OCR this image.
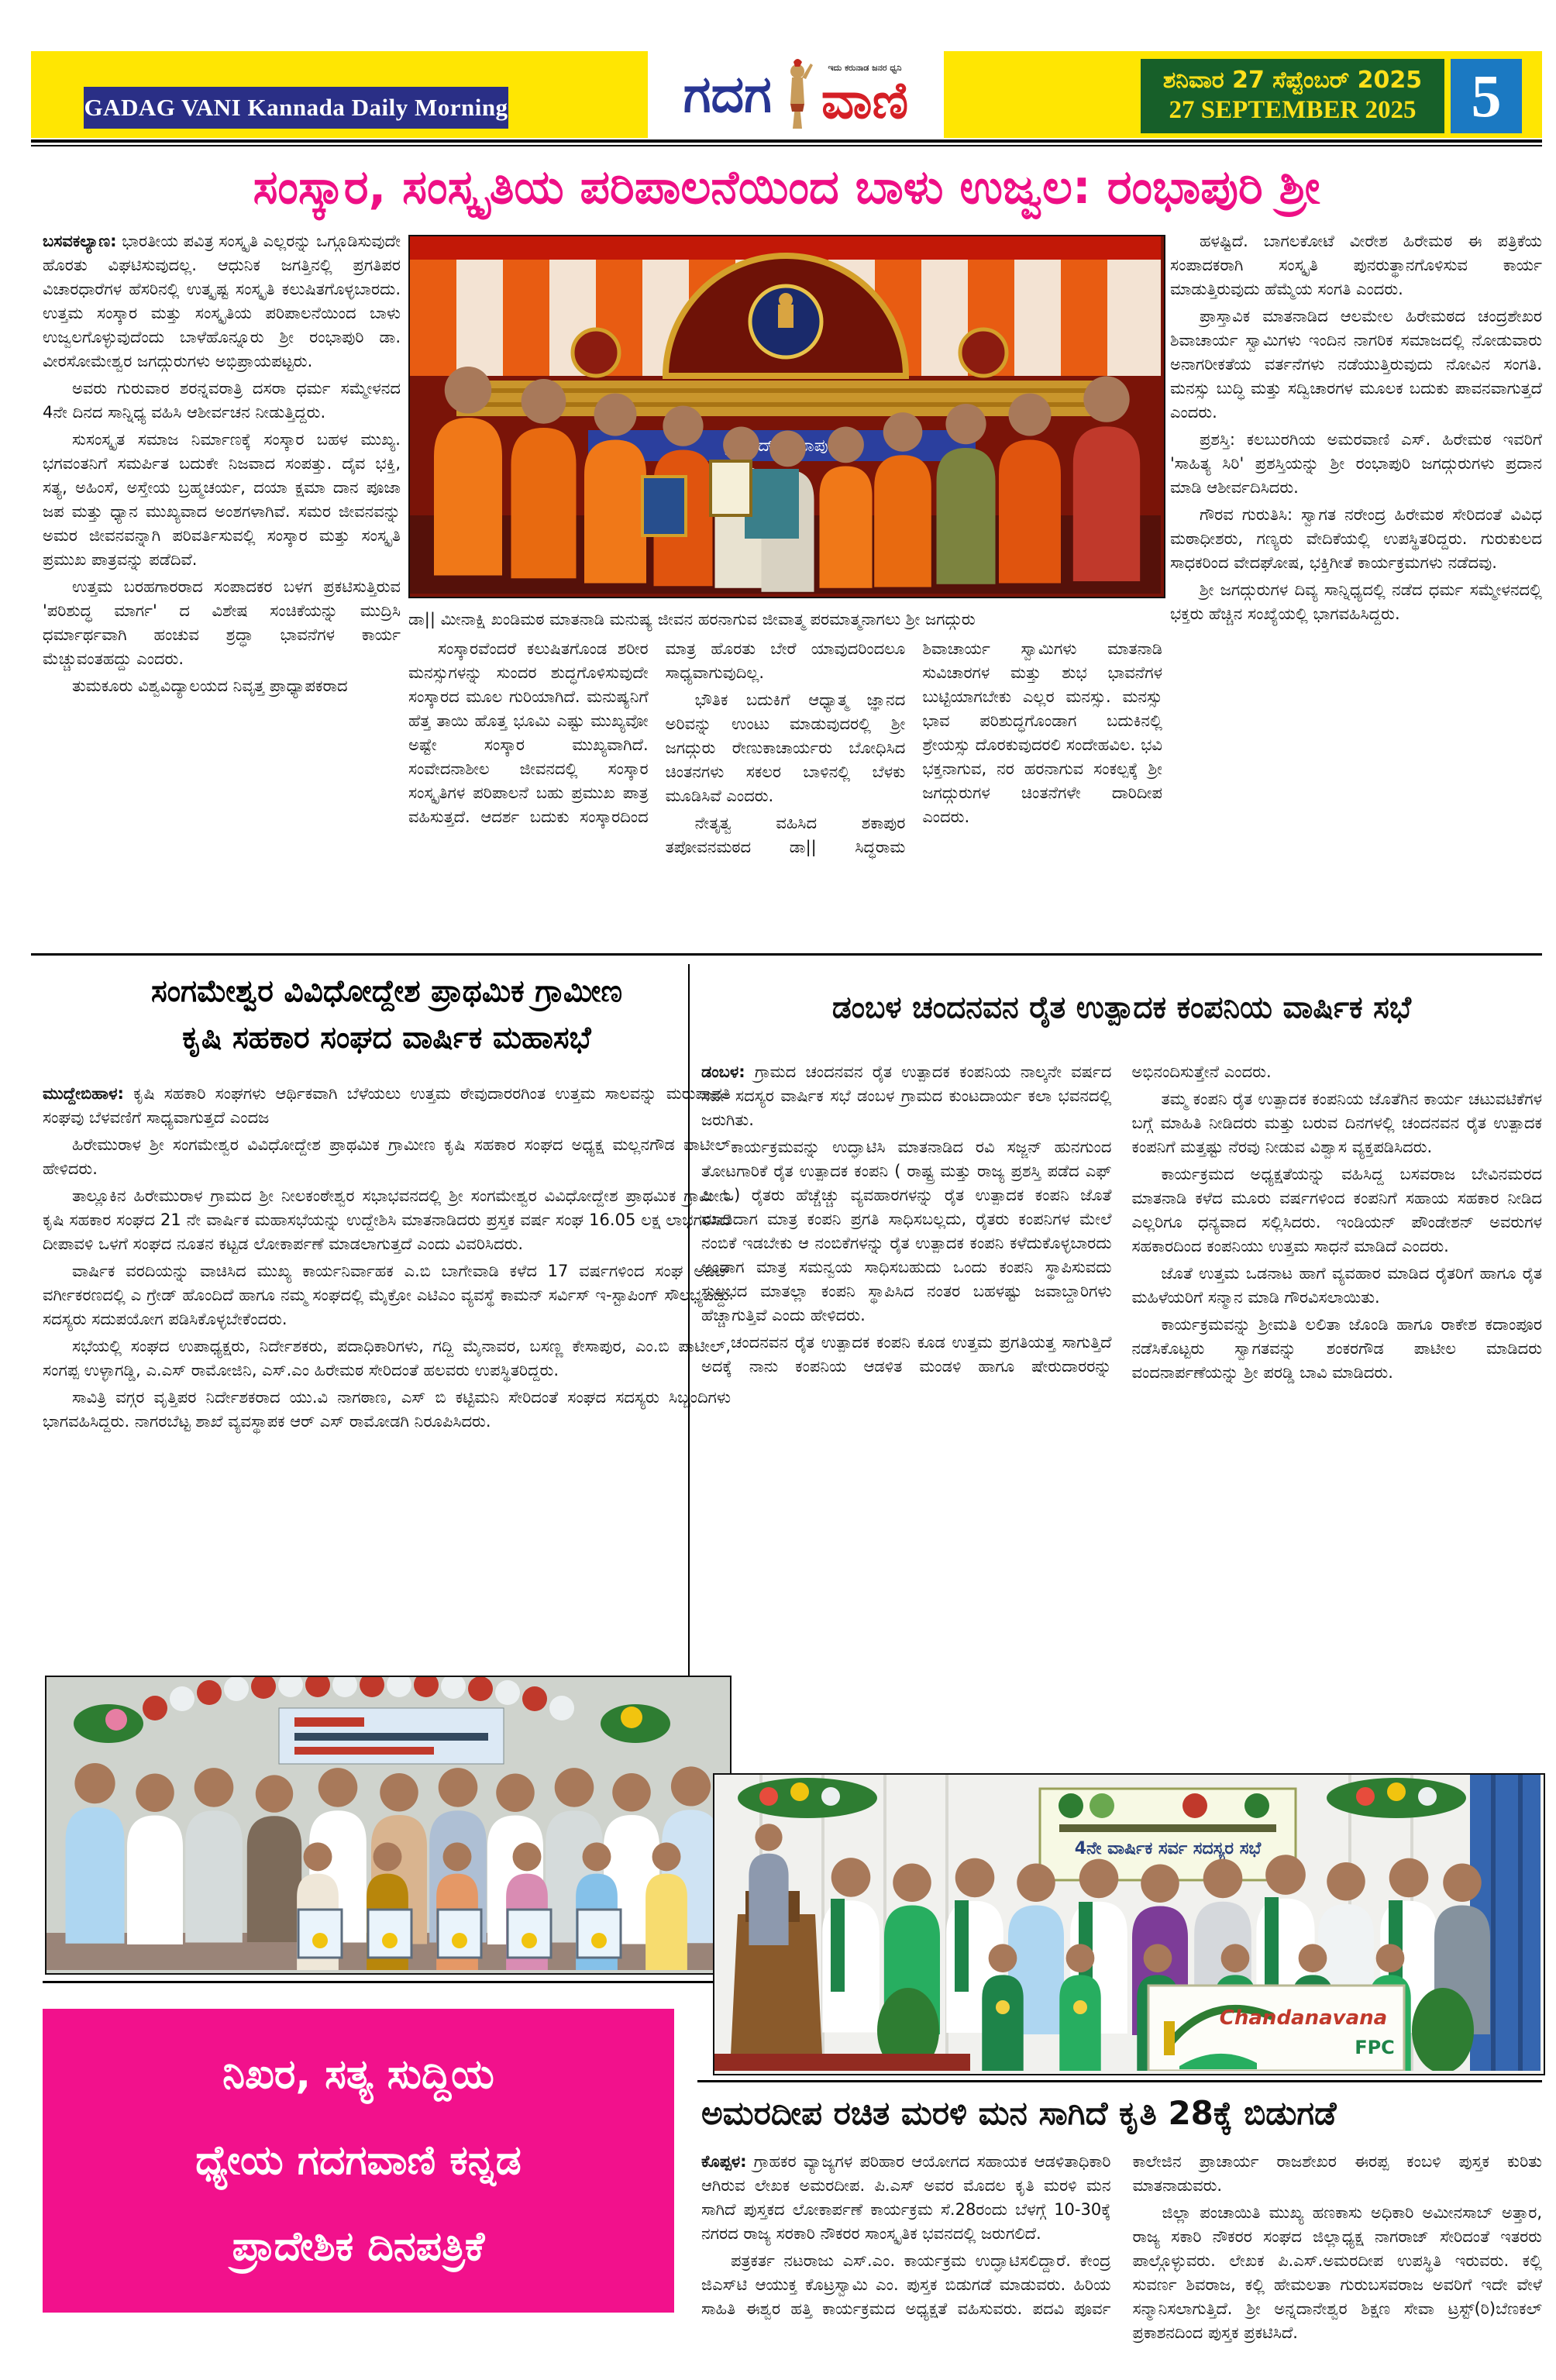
GADAG VANI Kannada Daily Morning	ಗದಗ	ಇದು ಕರುನಾಡ ಜನರ ಧ್ವನಿ
ವಾಣಿ	ಶನಿವಾರ 27 ಸೆಪ್ಟೆಂಬರ್ 2025
27 SEPTEMBER 2025 5
ಸಂಸ್ಕಾರ, ಸಂಸ್ಕೃತಿಯ ಪರಿಪಾಲನೆಯಿಂದ ಬಾಳು ಉಜ್ವಲ: ರಂಭಾಪುರಿ ಶ್ರೀ

ಬಸವಕಲ್ಯಾಣ: ಭಾರತೀಯ ಪವಿತ್ರ ಸಂಸ್ಕೃತಿ ಎಲ್ಲರನ್ನು ಒಗ್ಗೂಡಿಸುವುದೇ ಹೊರತು ವಿಘಟಿಸುವುದಲ್ಲ. ಆಧುನಿಕ ಜಗತ್ತಿನಲ್ಲಿ ಪ್ರಗತಿಪರ ವಿಚಾರಧಾರೆಗಳ ಹೆಸರಿನಲ್ಲಿ ಉತ್ಕೃಷ್ಟ ಸಂಸ್ಕೃತಿ ಕಲುಷಿತಗೊಳ್ಳಬಾರದು. ಉತ್ತಮ ಸಂಸ್ಕಾರ ಮತ್ತು ಸಂಸ್ಕೃತಿಯ ಪರಿಪಾಲನೆಯಿಂದ ಬಾಳು ಉಜ್ವಲಗೊಳ್ಳುವುದೆಂದು ಬಾಳೆಹೊನ್ನೂರು ಶ್ರೀ ರಂಭಾಪುರಿ ಡಾ. ವೀರಸೋಮೇಶ್ವರ ಜಗದ್ಗುರುಗಳು ಅಭಿಪ್ರಾಯಪಟ್ಟರು.

ಅವರು ಗುರುವಾರ ಶರನ್ನವರಾತ್ರಿ ದಸರಾ ಧರ್ಮ ಸಮ್ಮೇಳನದ 4ನೇ ದಿನದ ಸಾನ್ನಿಧ್ಯ ವಹಿಸಿ ಆಶೀರ್ವಚನ ನೀಡುತ್ತಿದ್ದರು.

ಸುಸಂಸ್ಕೃತ ಸಮಾಜ ನಿರ್ಮಾಣಕ್ಕೆ ಸಂಸ್ಕಾರ ಬಹಳ ಮುಖ್ಯ. ಭಗವಂತನಿಗೆ ಸಮರ್ಪಿತ ಬದುಕೇ ನಿಜವಾದ ಸಂಪತ್ತು. ದೈವ ಭಕ್ತಿ, ಸತ್ಯ, ಅಹಿಂಸೆ, ಅಸ್ತೇಯ ಬ್ರಹ್ಮಚರ್ಯ, ದಯಾ ಕ್ಷಮಾ ದಾನ ಪೂಜಾ ಜಪ ಮತ್ತು ಧ್ಯಾನ ಮುಖ್ಯವಾದ ಅಂಶಗಳಾಗಿವೆ. ಸಮರ ಜೀವನವನ್ನು ಅಮರ ಜೀವನವನ್ನಾಗಿ ಪರಿವರ್ತಿಸುವಲ್ಲಿ ಸಂಸ್ಕಾರ ಮತ್ತು ಸಂಸ್ಕೃತಿ ಪ್ರಮುಖ ಪಾತ್ರವನ್ನು ಪಡೆದಿವೆ.

ಉತ್ತಮ ಬರಹಗಾರರಾದ ಸಂಪಾದಕರ ಬಳಗ ಪ್ರಕಟಿಸುತ್ತಿರುವ 'ಪರಿಶುದ್ಧ ಮಾರ್ಗ' ದ ವಿಶೇಷ ಸಂಚಿಕೆಯನ್ನು ಮುದ್ರಿಸಿ ಧರ್ಮಾರ್ಥವಾಗಿ ಹಂಚುವ ಶ್ರದ್ಧಾ ಭಾವನೆಗಳ ಕಾರ್ಯ ಮೆಚ್ಚುವಂತಹದ್ದು ಎಂದರು.

ತುಮಕೂರು ವಿಶ್ವವಿದ್ಯಾಲಯದ ನಿವೃತ್ತ ಪ್ರಾಧ್ಯಾಪಕರಾದ

ರಂಭಾಪುರಿ
ಡಾ|| ಮೀನಾಕ್ಷಿ ಖಂಡಿಮಠ ಮಾತನಾಡಿ ಮನುಷ್ಯ ಜೀವನ ಹರನಾಗುವ ಜೀವಾತ್ಮ ಪರಮಾತ್ಮನಾಗಲು ಶ್ರೀ ಜಗದ್ಗುರು

ಸಂಸ್ಕಾರವೆಂದರೆ ಕಲುಷಿತಗೊಂಡ ಶರೀರ ಮನಸ್ಸುಗಳನ್ನು ಸುಂದರ ಶುದ್ಧಗೊಳಿಸುವುದೇ ಸಂಸ್ಕಾರದ ಮೂಲ ಗುರಿಯಾಗಿದೆ. ಮನುಷ್ಯನಿಗೆ ಹೆತ್ತ ತಾಯಿ ಹೊತ್ತ ಭೂಮಿ ಎಷ್ಟು ಮುಖ್ಯವೋ ಅಷ್ಟೇ ಸಂಸ್ಕಾರ ಮುಖ್ಯವಾಗಿದೆ. ಸಂವೇದನಾಶೀಲ ಜೀವನದಲ್ಲಿ ಸಂಸ್ಕಾರ ಸಂಸ್ಕೃತಿಗಳ ಪರಿಪಾಲನೆ ಬಹು ಪ್ರಮುಖ ಪಾತ್ರ ವಹಿಸುತ್ತದೆ. ಆದರ್ಶ ಬದುಕು ಸಂಸ್ಕಾರದಿಂದ ಮಾತ್ರ ಹೊರತು ಬೇರೆ ಯಾವುದರಿಂದಲೂ ಸಾಧ್ಯವಾಗುವುದಿಲ್ಲ.

ಭೌತಿಕ ಬದುಕಿಗೆ ಆಧ್ಯಾತ್ಮ ಜ್ಞಾನದ ಅರಿವನ್ನು ಉಂಟು ಮಾಡುವುದರಲ್ಲಿ ಶ್ರೀ ಜಗದ್ಗುರು ರೇಣುಕಾಚಾರ್ಯರು ಬೋಧಿಸಿದ ಚಿಂತನಗಳು ಸಕಲರ ಬಾಳಿನಲ್ಲಿ ಬೆಳಕು ಮೂಡಿಸಿವೆ ಎಂದರು.

ನೇತೃತ್ವ ವಹಿಸಿದ ಶಕಾಪುರ ತಪೋವನಮಠದ ಡಾ|| ಸಿದ್ಧರಾಮ ಶಿವಾಚಾರ್ಯ ಸ್ವಾಮಿಗಳು ಮಾತನಾಡಿ ಸುವಿಚಾರಗಳ ಮತ್ತು ಶುಭ ಭಾವನೆಗಳ ಬುಟ್ಟಿಯಾಗಬೇಕು ಎಲ್ಲರ ಮನಸ್ಸು. ಮನಸ್ಸು ಭಾವ ಪರಿಶುದ್ಧಗೊಂಡಾಗ ಬದುಕಿನಲ್ಲಿ ಶ್ರೇಯಸ್ಸು ದೊರಕುವುದರಲಿ ಸಂದೇಹವಿಲ. ಭವಿ ಭಕ್ತನಾಗುವ, ನರ ಹರನಾಗುವ ಸಂಕಲ್ಪಕ್ಕೆ ಶ್ರೀ ಜಗದ್ಗುರುಗಳ ಚಿಂತನೆಗಳೇ ದಾರಿದೀಪ ಎಂದರು.

ಹಳಷ್ಟಿದೆ. ಬಾಗಲಕೋಟೆ ವೀರೇಶ ಹಿರೇಮಠ ಈ ಪತ್ರಿಕೆಯ ಸಂಪಾದಕರಾಗಿ ಸಂಸ್ಕೃತಿ ಪುನರುತ್ಥಾನಗೊಳಿಸುವ ಕಾರ್ಯ ಮಾಡುತ್ತಿರುವುದು ಹೆಮ್ಮೆಯ ಸಂಗತಿ ಎಂದರು.

ಪ್ರಾಸ್ತಾವಿಕ ಮಾತನಾಡಿದ ಆಲಮೇಲ ಹಿರೇಮಠದ ಚಂದ್ರಶೇಖರ ಶಿವಾಚಾರ್ಯ ಸ್ವಾಮಿಗಳು ಇಂದಿನ ನಾಗರಿಕ ಸಮಾಜದಲ್ಲಿ ನೋಡುವಾರು ಅನಾಗರೀಕತೆಯ ವರ್ತನೆಗಳು ನಡೆಯುತ್ತಿರುವುದು ನೋವಿನ ಸಂಗತಿ. ಮನಸ್ಸು ಬುದ್ಧಿ ಮತ್ತು ಸದ್ವಿಚಾರಗಳ ಮೂಲಕ ಬದುಕು ಪಾವನವಾಗುತ್ತದೆ ಎಂದರು.

ಪ್ರಶಸ್ತಿ: ಕಲಬುರಗಿಯ ಅಮರವಾಣಿ ಎಸ್. ಹಿರೇಮಠ ಇವರಿಗೆ 'ಸಾಹಿತ್ಯ ಸಿರಿ' ಪ್ರಶಸ್ತಿಯನ್ನು ಶ್ರೀ ರಂಭಾಪುರಿ ಜಗದ್ಗುರುಗಳು ಪ್ರದಾನ ಮಾಡಿ ಆಶೀರ್ವದಿಸಿದರು.

ಗೌರವ ಗುರುತಿಸಿ: ಸ್ವಾಗತ ನರೇಂದ್ರ ಹಿರೇಮಠ ಸೇರಿದಂತೆ ವಿವಿಧ ಮಠಾಧೀಶರು, ಗಣ್ಯರು ವೇದಿಕೆಯಲ್ಲಿ ಉಪಸ್ಥಿತರಿದ್ದರು. ಗುರುಕುಲದ ಸಾಧಕರಿಂದ ವೇದಘೋಷ, ಭಕ್ತಿಗೀತೆ ಕಾರ್ಯಕ್ರಮಗಳು ನಡೆದವು.

ಶ್ರೀ ಜಗದ್ಗುರುಗಳ ದಿವ್ಯ ಸಾನ್ನಿಧ್ಯದಲ್ಲಿ ನಡೆದ ಧರ್ಮ ಸಮ್ಮೇಳನದಲ್ಲಿ ಭಕ್ತರು ಹೆಚ್ಚಿನ ಸಂಖ್ಯೆಯಲ್ಲಿ ಭಾಗವಹಿಸಿದ್ದರು.

ಸಂಗಮೇಶ್ವರ ವಿವಿಧೋದ್ದೇಶ ಪ್ರಾಥಮಿಕ ಗ್ರಾಮೀಣ
ಕೃಷಿ ಸಹಕಾರ ಸಂಘದ ವಾರ್ಷಿಕ ಮಹಾಸಭೆ

ಮುದ್ದೇಬಿಹಾಳ: ಕೃಷಿ ಸಹಕಾರಿ ಸಂಘಗಳು ಆರ್ಥಿಕವಾಗಿ ಬೆಳೆಯಲು ಉತ್ತಮ ಠೇವುದಾರರಗಿಂತ ಉತ್ತಮ ಸಾಲವನ್ನು ಮರುಪಾವತಿ ಸಂಘವು ಬೆಳವಣಿಗೆ ಸಾಧ್ಯವಾಗುತ್ತದೆ ಎಂದಜ

ಹಿರೇಮುರಾಳ ಶ್ರೀ ಸಂಗಮೇಶ್ವರ ವಿವಿಧೋದ್ದೇಶ ಪ್ರಾಥಮಿಕ ಗ್ರಾಮೀಣ ಕೃಷಿ ಸಹಕಾರ ಸಂಘದ ಅಧ್ಯಕ್ಷ ಮಲ್ಲನಗೌಡ ಪಾಟೀಲ್ ಹೇಳಿದರು.

ತಾಲ್ಲೂಕಿನ ಹಿರೇಮುರಾಳ ಗ್ರಾಮದ ಶ್ರೀ ನೀಲಕಂಠೇಶ್ವರ ಸಭಾಭವನದಲ್ಲಿ ಶ್ರೀ ಸಂಗಮೇಶ್ವರ ವಿವಿಧೋದ್ದೇಶ ಪ್ರಾಥಮಿಕ ಗ್ರಾಮೀಣ ಕೃಷಿ ಸಹಕಾರ ಸಂಘದ 21 ನೇ ವಾರ್ಷಿಕ ಮಹಾಸಭೆಯನ್ನು ಉದ್ದೇಶಿಸಿ ಮಾತನಾಡಿದರು ಪ್ರಸ್ತಕ ವರ್ಷ ಸಂಘ 16.05 ಲಕ್ಷ ಲಾಭಗಳಿಸಿದೆ ದೀಪಾವಳಿ ಒಳಗೆ ಸಂಘದ ನೂತನ ಕಟ್ಟಡ ಲೋಕಾರ್ಪಣೆ ಮಾಡಲಾಗುತ್ತದೆ ಎಂದು ವಿವರಿಸಿದರು.

ವಾರ್ಷಿಕ ವರದಿಯನ್ನು ವಾಚಿಸಿದ ಮುಖ್ಯ ಕಾರ್ಯನಿರ್ವಾಹಕ ಎ.ಬಿ ಬಾಗೇವಾಡಿ ಕಳೆದ 17 ವರ್ಷಗಳಿಂದ ಸಂಘ ಅಡಿಟ್ ವರ್ಗೀಕರಣದಲ್ಲಿ ಎ ಗ್ರೇಡ್ ಹೊಂದಿದೆ ಹಾಗೂ ನಮ್ಮ ಸಂಘದಲ್ಲಿ ಮೈಕ್ರೋ ಎಟಿಎಂ ವ್ಯವಸ್ಥೆ ಕಾಮನ್ ಸರ್ವಿಸ್ ಇ-ಸ್ಟಾಪಿಂಗ್ ಸೌಲಭ್ಯವಿದ್ದು ಸದಸ್ಯರು ಸದುಪಯೋಗ ಪಡಿಸಿಕೊಳ್ಳಬೇಕೆಂದರು.

ಸಭೆಯಲ್ಲಿ ಸಂಘದ ಉಪಾಧ್ಯಕ್ಷರು, ನಿರ್ದೇಶಕರು, ಪದಾಧಿಕಾರಿಗಳು, ಗದ್ದಿ ಮೈನಾವರ, ಬಸಣ್ಣ ಕೇಸಾಪುರ, ಎಂ.ಬಿ ಪಾಟೀಲ್, ಸಂಗಪ್ಪ ಉಳ್ಳಾಗಡ್ಡಿ, ಎ.ಎಸ್ ರಾಮೋಜಿನಿ, ಎಸ್.ಎಂ ಹಿರೇಮಠ ಸೇರಿದಂತೆ ಹಲವರು ಉಪಸ್ಥಿತರಿದ್ದರು.

ಸಾವಿತ್ರಿ ವಗ್ಗರ ವೃತ್ತಿಪರ ನಿರ್ದೇಶಕರಾದ ಯು.ವಿ ನಾಗಠಾಣ, ಎಸ್ ಬಿ ಕಟ್ಟಿಮನಿ ಸೇರಿದಂತೆ ಸಂಘದ ಸದಸ್ಯರು ಸಿಬ್ಬಂದಿಗಳು ಭಾಗವಹಿಸಿದ್ದರು. ನಾಗರಬೆಟ್ಟ ಶಾಖೆ ವ್ಯವಸ್ಥಾಪಕ ಆರ್ ಎಸ್ ರಾಮೋಡಗಿ ನಿರೂಪಿಸಿದರು.

ನಿಖರ, ಸತ್ಯ ಸುದ್ದಿಯ
ಧ್ಯೇಯ ಗದಗವಾಣಿ ಕನ್ನಡ
ಪ್ರಾದೇಶಿಕ ದಿನಪತ್ರಿಕೆ
ಡಂಬಳ ಚಂದನವನ ರೈತ ಉತ್ಪಾದಕ ಕಂಪನಿಯ ವಾರ್ಷಿಕ ಸಭೆ

ಡಂಬಳ: ಗ್ರಾಮದ ಚಂದನವನ ರೈತ ಉತ್ಪಾದಕ ಕಂಪನಿಯ ನಾಲ್ಕನೇ ವರ್ಷದ ಸರ್ವ ಸದಸ್ಯರ ವಾರ್ಷಿಕ ಸಭೆ ಡಂಬಳ ಗ್ರಾಮದ ಕುಂಟದಾರ್ಯ ಕಲಾ ಭವನದಲ್ಲಿ ಜರುಗಿತು.

ಕಾರ್ಯಕ್ರಮವನ್ನು ಉದ್ಘಾಟಿಸಿ ಮಾತನಾಡಿದ ರವಿ ಸಜ್ಜನ್ ಹುನಗುಂದ ತೋಟಗಾರಿಕೆ ರೈತ ಉತ್ಪಾದಕ ಕಂಪನಿ ( ರಾಷ್ಟ್ರ ಮತ್ತು ರಾಜ್ಯ ಪ್ರಶಸ್ತಿ ಪಡೆದ ಎಫ್ ಪಿ ಓ) ರೈತರು ಹೆಚ್ಚೆಚ್ಚು ವ್ಯವಹಾರಗಳನ್ನು ರೈತ ಉತ್ಪಾದಕ ಕಂಪನಿ ಜೊತೆ ಮಾಡಿದಾಗ ಮಾತ್ರ ಕಂಪನಿ ಪ್ರಗತಿ ಸಾಧಿಸಬಲ್ಲದು, ರೈತರು ಕಂಪನಿಗಳ ಮೇಲೆ ನಂಬಿಕೆ ಇಡಬೇಕು ಆ ನಂಬಿಕೆಗಳನ್ನು ರೈತ ಉತ್ಪಾದಕ ಕಂಪನಿ ಕಳೆದುಕೊಳ್ಳಬಾರದು ಅಂದಾಗ ಮಾತ್ರ ಸಮನ್ವಯ ಸಾಧಿಸಬಹುದು ಒಂದು ಕಂಪನಿ ಸ್ಥಾಪಿಸುವದು ಸುಲಭದ ಮಾತಲ್ಲಾ ಕಂಪನಿ ಸ್ಥಾಪಿಸಿದ ನಂತರ ಬಹಳಷ್ಟು ಜವಾಬ್ದಾರಿಗಳು ಹೆಚ್ಚಾಗುತ್ತಿವೆ ಎಂದು ಹೇಳಿದರು.

ಚಂದನವನ ರೈತ ಉತ್ಪಾದಕ ಕಂಪನಿ ಕೂಡ ಉತ್ತಮ ಪ್ರಗತಿಯತ್ತ ಸಾಗುತ್ತಿದೆ ಅದಕ್ಕೆ ನಾನು ಕಂಪನಿಯ ಆಡಳಿತ ಮಂಡಳಿ ಹಾಗೂ ಷೇರುದಾರರನ್ನು ಅಭಿನಂದಿಸುತ್ತೇನೆ ಎಂದರು.

ತಮ್ಮ ಕಂಪನಿ ರೈತ ಉತ್ಪಾದಕ ಕಂಪನಿಯ ಜೊತೆಗಿನ ಕಾರ್ಯ ಚಟುವಟಿಕೆಗಳ ಬಗ್ಗೆ ಮಾಹಿತಿ ನೀಡಿದರು ಮತ್ತು ಬರುವ ದಿನಗಳಲ್ಲಿ ಚಂದನವನ ರೈತ ಉತ್ಪಾದಕ ಕಂಪನಿಗೆ ಮತ್ತಷ್ಟು ನೆರವು ನೀಡುವ ವಿಶ್ವಾಸ ವ್ಯಕ್ತಪಡಿಸಿದರು.

ಕಾರ್ಯಕ್ರಮದ ಅಧ್ಯಕ್ಷತೆಯನ್ನು ವಹಿಸಿದ್ದ ಬಸವರಾಜ ಬೇವಿನಮರದ ಮಾತನಾಡಿ ಕಳೆದ ಮೂರು ವರ್ಷಗಳಿಂದ ಕಂಪನಿಗೆ ಸಹಾಯ ಸಹಕಾರ ನೀಡಿದ ಎಲ್ಲರಿಗೂ ಧನ್ಯವಾದ ಸಲ್ಲಿಸಿದರು. ಇಂಡಿಯನ್ ಪೌಂಡೇಶನ್ ಅವರುಗಳ ಸಹಕಾರದಿಂದ ಕಂಪನಿಯು ಉತ್ತಮ ಸಾಧನೆ ಮಾಡಿದೆ ಎಂದರು.

ಜೊತೆ ಉತ್ತಮ ಒಡನಾಟ ಹಾಗೆ ವ್ಯವಹಾರ ಮಾಡಿದ ರೈತರಿಗೆ ಹಾಗೂ ರೈತ ಮಹಿಳೆಯರಿಗೆ ಸನ್ಮಾನ ಮಾಡಿ ಗೌರವಿಸಲಾಯಿತು.

ಕಾರ್ಯಕ್ರಮವನ್ನು ಶ್ರೀಮತಿ ಲಲಿತಾ ಜೊಂಡಿ ಹಾಗೂ ರಾಕೇಶ ಕದಾಂಪೂರ ನಡೆಸಿಕೊಟ್ಟರು ಸ್ವಾಗತವನ್ನು ಶಂಕರಗೌಡ ಪಾಟೀಲ ಮಾಡಿದರು ವಂದನಾರ್ಪಣೆಯನ್ನು ಶ್ರೀ ಪರಡ್ಡಿ ಬಾವಿ ಮಾಡಿದರು.

4ನೇ ವಾರ್ಷಿಕ ಸರ್ವ ಸದಸ್ಯರ ಸಭೆ
Chandanavana
FPC
ಅಮರದೀಪ ರಚಿತ ಮರಳಿ ಮನ ಸಾಗಿದೆ ಕೃತಿ 28ಕ್ಕೆ ಬಿಡುಗಡೆ

ಕೊಪ್ಪಳ: ಗ್ರಾಹಕರ ವ್ಯಾಜ್ಯಗಳ ಪರಿಹಾರ ಆಯೋಗದ ಸಹಾಯಕ ಆಡಳಿತಾಧಿಕಾರಿ ಆಗಿರುವ ಲೇಖಕ ಅಮರದೀಪ. ಪಿ.ಎಸ್ ಅವರ ಮೊದಲ ಕೃತಿ ಮರಳಿ ಮನ ಸಾಗಿದೆ ಪುಸ್ತಕದ ಲೋಕಾರ್ಪಣೆ ಕಾರ್ಯಕ್ರಮ ಸೆ.28ರಂದು ಬೆಳಗ್ಗೆ 10-30ಕ್ಕೆ ನಗರದ ರಾಜ್ಯ ಸರಕಾರಿ ನೌಕರರ ಸಾಂಸ್ಕೃತಿಕ ಭವನದಲ್ಲಿ ಜರುಗಲಿದೆ.

ಪತ್ರಕರ್ತ ನಟರಾಜು ಎಸ್.ಎಂ. ಕಾರ್ಯಕ್ರಮ ಉದ್ಘಾಟಿಸಲಿದ್ದಾರೆ. ಕೇಂದ್ರ ಜಿಎಸ್‌ಟಿ ಆಯುಕ್ತ ಕೊಟ್ರಸ್ವಾಮಿ ಎಂ. ಪುಸ್ತಕ ಬಿಡುಗಡೆ ಮಾಡುವರು. ಹಿರಿಯ ಸಾಹಿತಿ ಈಶ್ವರ ಹತ್ತಿ ಕಾರ್ಯಕ್ರಮದ ಅಧ್ಯಕ್ಷತೆ ವಹಿಸುವರು. ಪದವಿ ಪೂರ್ವ ಕಾಲೇಜಿನ ಪ್ರಾಚಾರ್ಯ ರಾಜಶೇಖರ ಈರಪ್ಪ ಕಂಬಳಿ ಪುಸ್ತಕ ಕುರಿತು ಮಾತನಾಡುವರು.

ಜಿಲ್ಲಾ ಪಂಚಾಯಿತಿ ಮುಖ್ಯ ಹಣಕಾಸು ಅಧಿಕಾರಿ ಅಮೀನಸಾಬ್ ಅತ್ತಾರ, ರಾಜ್ಯ ಸಕಾರಿ ನೌಕರರ ಸಂಘದ ಜಿಲ್ಲಾಧ್ಯಕ್ಷ ನಾಗರಾಜ್ ಸೇರಿದಂತೆ ಇತರರು ಪಾಲ್ಗೊಳ್ಳುವರು. ಲೇಖಕ ಪಿ.ಎಸ್.ಅಮರದೀಪ ಉಪಸ್ಥಿತಿ ಇರುವರು. ಕಲ್ಲಿ ಸುವರ್ಣ ಶಿವರಾಜ, ಕಲ್ಲಿ ಹೇಮಲತಾ ಗುರುಬಸವರಾಜ ಅವರಿಗೆ ಇದೇ ವೇಳೆ ಸನ್ಮಾನಿಸಲಾಗುತ್ತಿದೆ. ಶ್ರೀ ಅನ್ನದಾನೇಶ್ವರ ಶಿಕ್ಷಣ ಸೇವಾ ಟ್ರಸ್ಟ್(ರಿ)ಬೆಣಕಲ್ ಪ್ರಕಾಶನದಿಂದ ಪುಸ್ತಕ ಪ್ರಕಟಿಸಿದೆ.
